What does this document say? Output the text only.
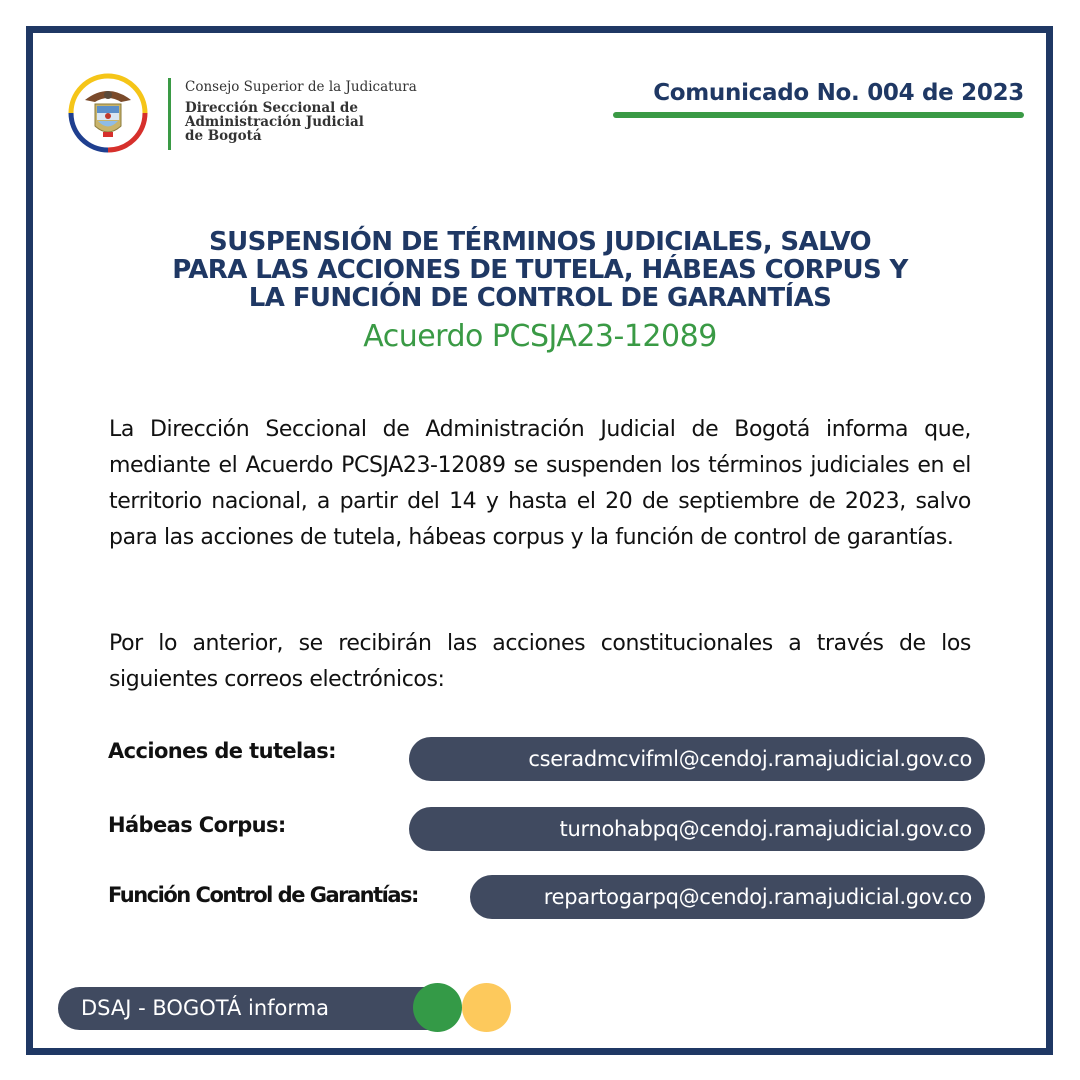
Consejo Superior de la Judicatura
Dirección Seccional de
Administración Judicial
de Bogotá
Comunicado No. 004 de 2023
SUSPENSIÓN DE TÉRMINOS JUDICIALES, SALVO
PARA LAS ACCIONES DE TUTELA, HÁBEAS CORPUS Y
LA FUNCIÓN DE CONTROL DE GARANTÍAS
Acuerdo PCSJA23-12089
La Dirección Seccional de Administración Judicial de Bogotá informa que, mediante el Acuerdo PCSJA23-12089 se suspenden los términos judiciales en el territorio nacional, a partir del 14 y hasta el 20 de septiembre de 2023, salvo para las acciones de tutela, hábeas corpus y la función de control de garantías.
Por lo anterior, se recibirán las acciones constitucionales a través de los siguientes correos electrónicos:
Acciones de tutelas:	cseradmcvifml@cendoj.ramajudicial.gov.co
Hábeas Corpus:	turnohabpq@cendoj.ramajudicial.gov.co
Función Control de Garantías:	repartogarpq@cendoj.ramajudicial.gov.co
DSAJ - BOGOTÁ informa
